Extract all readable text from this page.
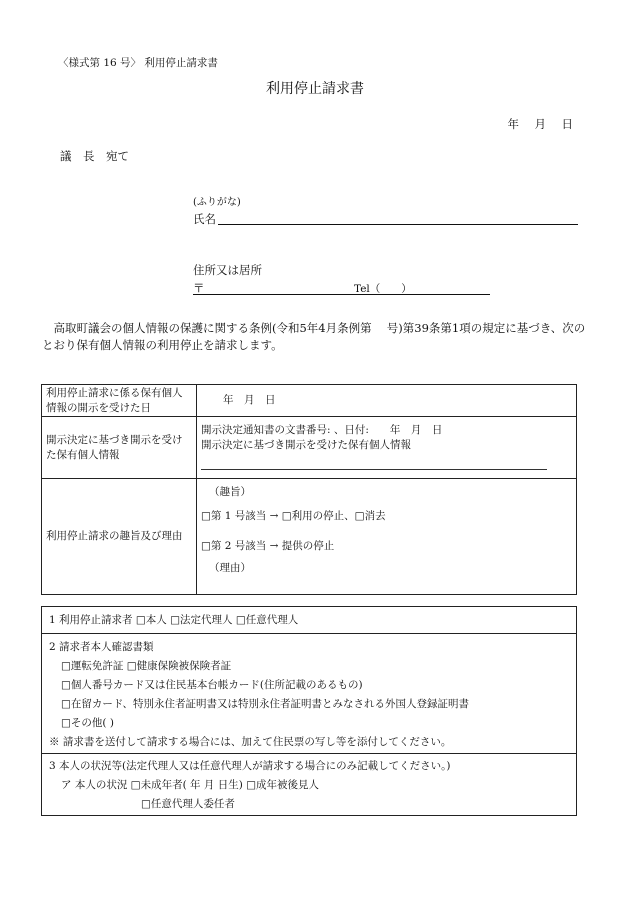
〈様式第 16 号〉 利用停止請求書
利用停止請求書
年　月　日
議　長　宛て
(ふりがな)
氏名
住所又は居所
〒	Tel（　　）

高取町議会の個人情報の保護に関する条例(令和5年4月条例第　 号)第39条第1項の規定に基づき、次のとおり保有個人情報の利用停止を請求します。

利用停止請求に係る保有個人情報の開示を受けた日	年　月　日
開示決定に基づき開示を受けた保有個人情報	開示決定通知書の文書番号: 、日付:　　年　月　日
開示決定に基づき開示を受けた保有個人情報

利用停止請求の趣旨及び理由	（趣旨）
□第 1 号該当 → □利用の停止、□消去
□第 2 号該当 → 提供の停止
（理由）
1 利用停止請求者 □本人 □法定代理人 □任意代理人
2 請求者本人確認書類
□運転免許証 □健康保険被保険者証
□個人番号カード又は住民基本台帳カード(住所記載のあるもの)
□在留カード、特別永住者証明書又は特別永住者証明書とみなされる外国人登録証明書
□その他( )
※ 請求書を送付して請求する場合には、加えて住民票の写し等を添付してください。
3 本人の状況等(法定代理人又は任意代理人が請求する場合にのみ記載してください。)
ア 本人の状況 □未成年者( 年 月 日生) □成年被後見人
□任意代理人委任者
